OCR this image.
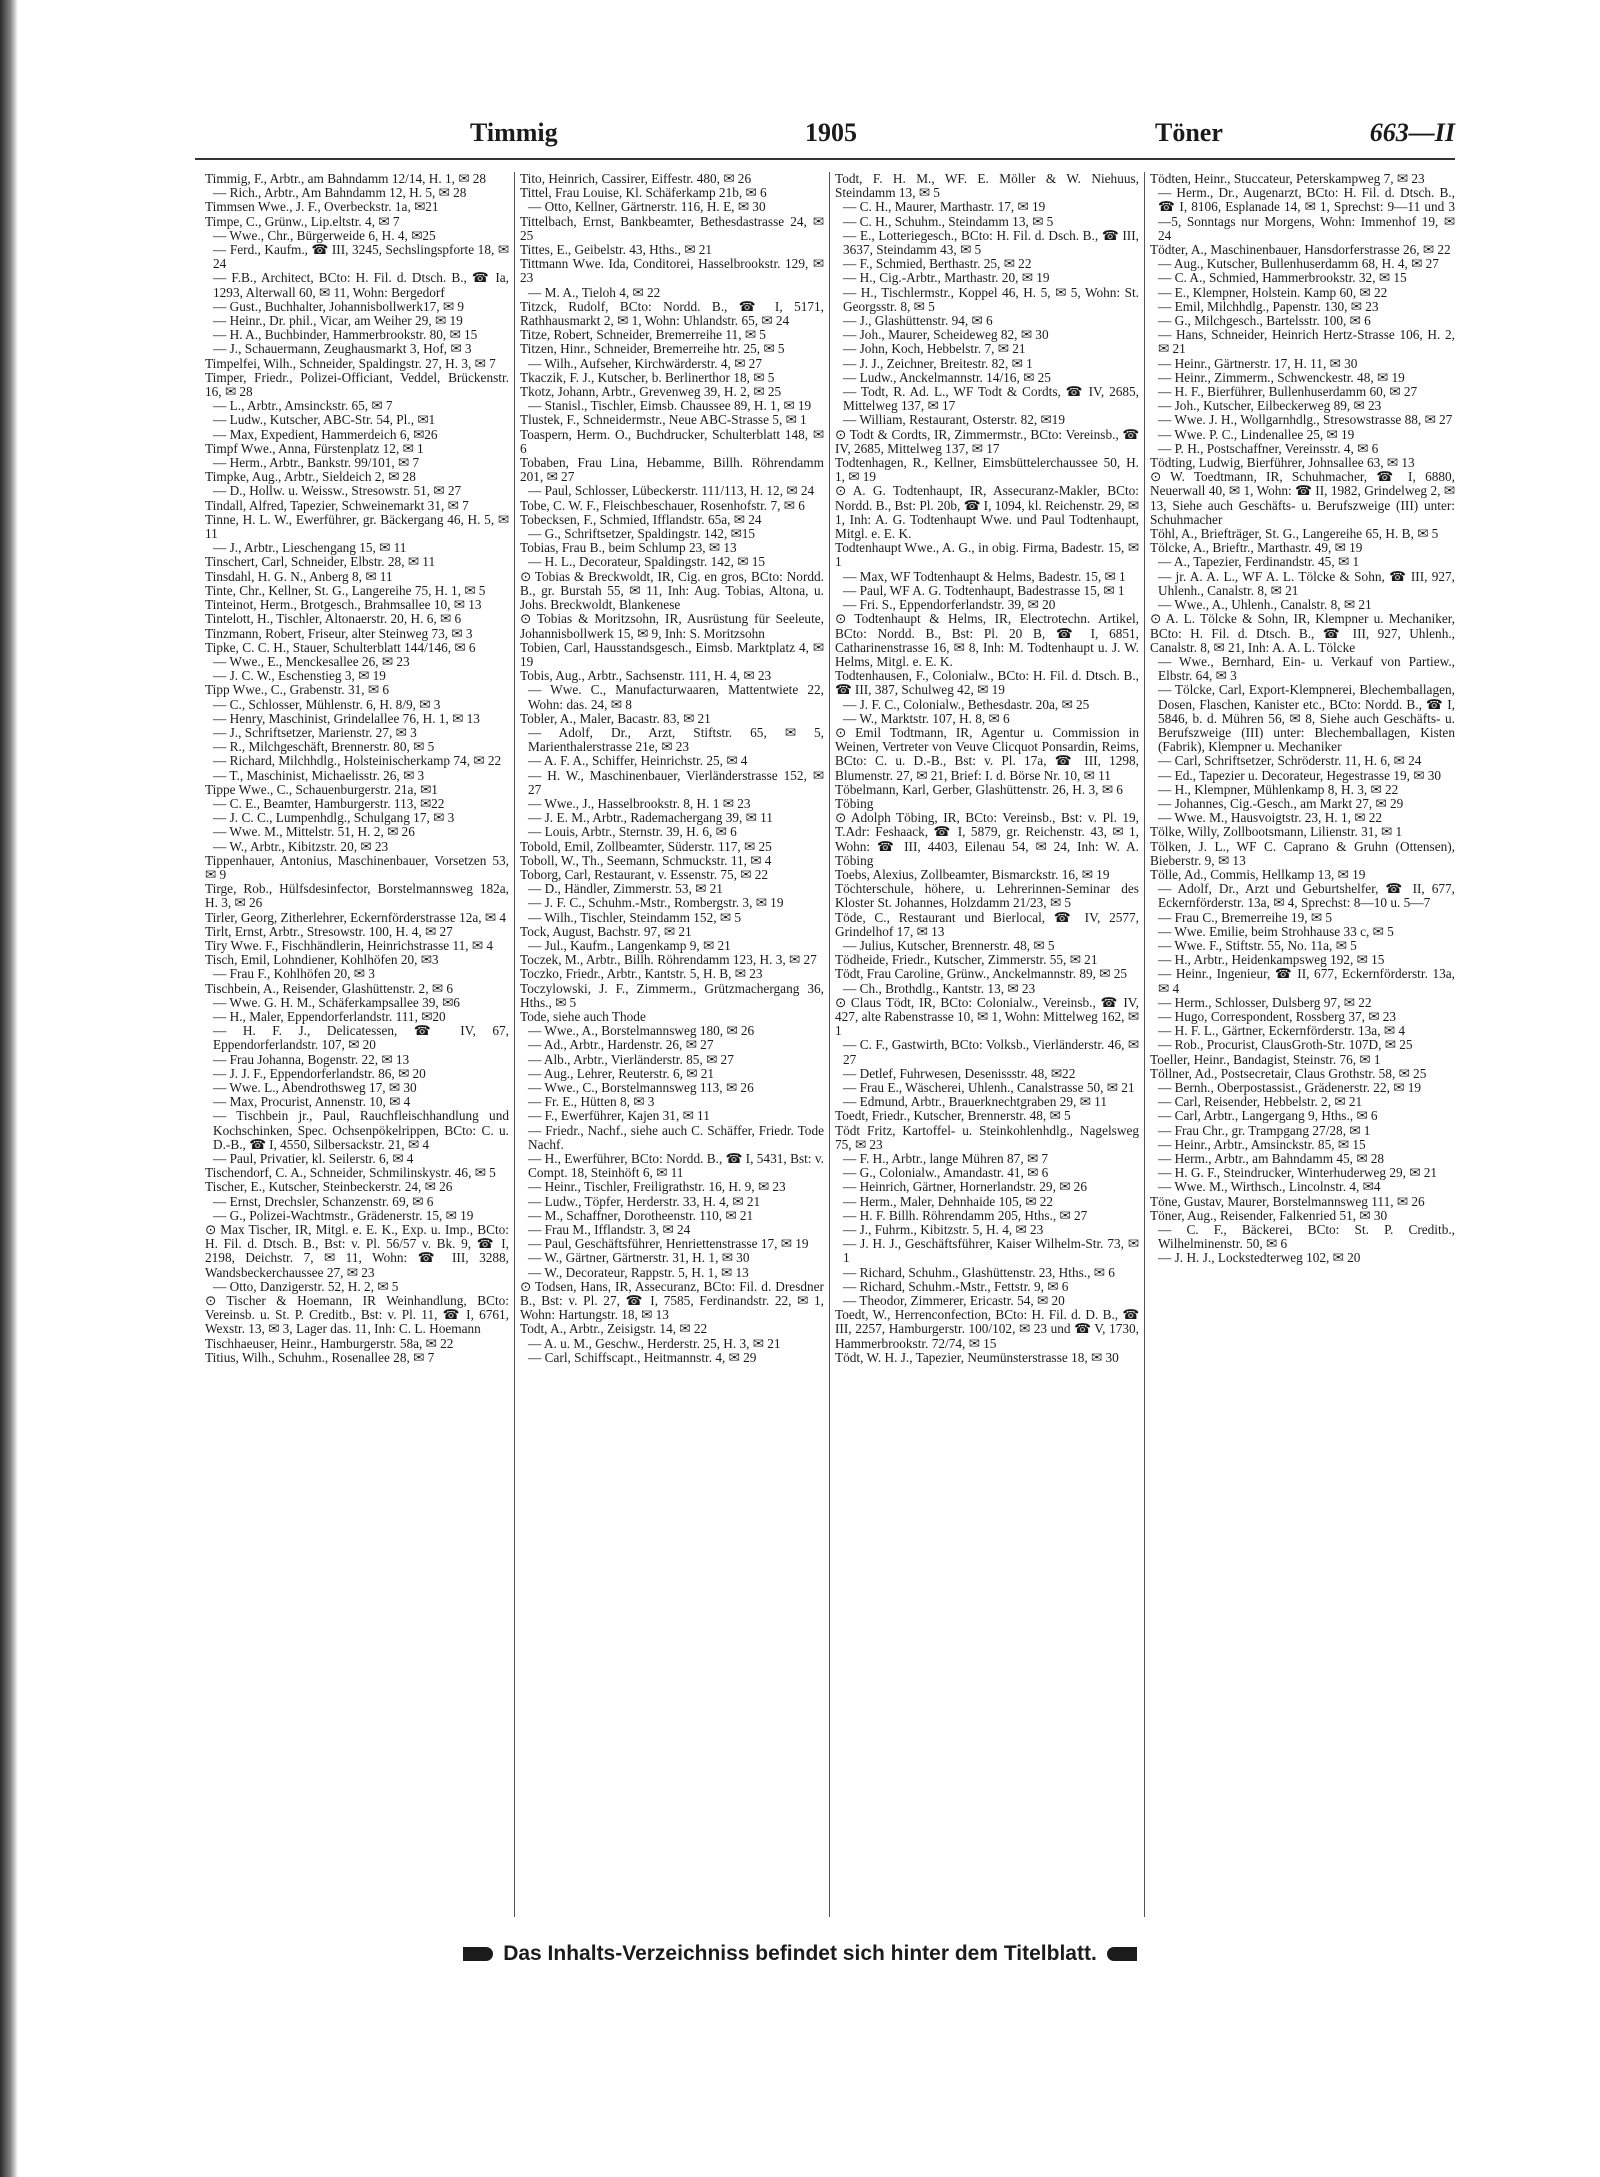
Timmig	1905	Töner	663—II

Timmig, F., Arbtr., am Bahndamm 12/14, H. 1, ✉ 28

— Rich., Arbtr., Am Bahndamm 12, H. 5, ✉ 28

Timmsen Wwe., J. F., Overbeckstr. 1a, ✉21

Timpe, C., Grünw., Lip.eltstr. 4, ✉ 7

— Wwe., Chr., Bürgerweide 6, H. 4, ✉25

— Ferd., Kaufm., ☎ III, 3245, Sechslingspforte 18, ✉ 24

— F.B., Architect, BCto: H. Fil. d. Dtsch. B., ☎ Ia, 1293, Alterwall 60, ✉ 11, Wohn: Bergedorf

— Gust., Buchhalter, Johannisbollwerk17, ✉ 9

— Heinr., Dr. phil., Vicar, am Weiher 29, ✉ 19

— H. A., Buchbinder, Hammerbrookstr. 80, ✉ 15

— J., Schauermann, Zeughausmarkt 3, Hof, ✉ 3

Timpelfei, Wilh., Schneider, Spaldingstr. 27, H. 3, ✉ 7

Timper, Friedr., Polizei-Officiant, Veddel, Brückenstr. 16, ✉ 28

— L., Arbtr., Amsinckstr. 65, ✉ 7

— Ludw., Kutscher, ABC-Str. 54, Pl., ✉1

— Max, Expedient, Hammerdeich 6, ✉26

Timpf Wwe., Anna, Fürstenplatz 12, ✉ 1

— Herm., Arbtr., Bankstr. 99/101, ✉ 7

Timpke, Aug., Arbtr., Sieldeich 2, ✉ 28

— D., Hollw. u. Weissw., Stresowstr. 51, ✉ 27

Tindall, Alfred, Tapezier, Schweinemarkt 31, ✉ 7

Tinne, H. L. W., Ewerführer, gr. Bäckergang 46, H. 5, ✉ 11

— J., Arbtr., Lieschengang 15, ✉ 11

Tinschert, Carl, Schneider, Elbstr. 28, ✉ 11

Tinsdahl, H. G. N., Anberg 8, ✉ 11

Tinte, Chr., Kellner, St. G., Langereihe 75, H. 1, ✉ 5

Tinteinot, Herm., Brotgesch., Brahmsallee 10, ✉ 13

Tintelott, H., Tischler, Altonaerstr. 20, H. 6, ✉ 6

Tinzmann, Robert, Friseur, alter Steinweg 73, ✉ 3

Tipke, C. C. H., Stauer, Schulterblatt 144/146, ✉ 6

— Wwe., E., Menckesallee 26, ✉ 23

— J. C. W., Eschenstieg 3, ✉ 19

Tipp Wwe., C., Grabenstr. 31, ✉ 6

— C., Schlosser, Mühlenstr. 6, H. 8/9, ✉ 3

— Henry, Maschinist, Grindelallee 76, H. 1, ✉ 13

— J., Schriftsetzer, Marienstr. 27, ✉ 3

— R., Milchgeschäft, Brennerstr. 80, ✉ 5

— Richard, Milchhdlg., Holsteinischerkamp 74, ✉ 22

— T., Maschinist, Michaelisstr. 26, ✉ 3

Tippe Wwe., C., Schauenburgerstr. 21a, ✉1

— C. E., Beamter, Hamburgerstr. 113, ✉22

— J. C. C., Lumpenhdlg., Schulgang 17, ✉ 3

— Wwe. M., Mittelstr. 51, H. 2, ✉ 26

— W., Arbtr., Kibitzstr. 20, ✉ 23

Tippenhauer, Antonius, Maschinenbauer, Vorsetzen 53, ✉ 9

Tirge, Rob., Hülfsdesinfector, Borstelmannsweg 182a, H. 3, ✉ 26

Tirler, Georg, Zitherlehrer, Eckernförderstrasse 12a, ✉ 4

Tirlt, Ernst, Arbtr., Stresowstr. 100, H. 4, ✉ 27

Tiry Wwe. F., Fischhändlerin, Heinrichstrasse 11, ✉ 4

Tisch, Emil, Lohndiener, Kohlhöfen 20, ✉3

— Frau F., Kohlhöfen 20, ✉ 3

Tischbein, A., Reisender, Glashüttenstr. 2, ✉ 6

— Wwe. G. H. M., Schäferkampsallee 39, ✉6

— H., Maler, Eppendorferlandstr. 111, ✉20

— H. F. J., Delicatessen, ☎ IV, 67, Eppendorferlandstr. 107, ✉ 20

— Frau Johanna, Bogenstr. 22, ✉ 13

— J. J. F., Eppendorferlandstr. 86, ✉ 20

— Wwe. L., Abendrothsweg 17, ✉ 30

— Max, Procurist, Annenstr. 10, ✉ 4

— Tischbein jr., Paul, Rauchfleischhandlung und Kochschinken, Spec. Ochsenpökelrippen, BCto: C. u. D.-B., ☎ I, 4550, Silbersackstr. 21, ✉ 4

— Paul, Privatier, kl. Seilerstr. 6, ✉ 4

Tischendorf, C. A., Schneider, Schmilinskystr. 46, ✉ 5

Tischer, E., Kutscher, Steinbeckerstr. 24, ✉ 26

— Ernst, Drechsler, Schanzenstr. 69, ✉ 6

— G., Polizei-Wachtmstr., Grädenerstr. 15, ✉ 19

⊙ Max Tischer, IR, Mitgl. e. E. K., Exp. u. Imp., BCto: H. Fil. d. Dtsch. B., Bst: v. Pl. 56/57 v. Bk. 9, ☎ I, 2198, Deichstr. 7, ✉ 11, Wohn: ☎ III, 3288, Wandsbeckerchaussee 27, ✉ 23

— Otto, Danzigerstr. 52, H. 2, ✉ 5

⊙ Tischer & Hoemann, IR Weinhandlung, BCto: Vereinsb. u. St. P. Creditb., Bst: v. Pl. 11, ☎ I, 6761, Wexstr. 13, ✉ 3, Lager das. 11, Inh: C. L. Hoemann

Tischhaeuser, Heinr., Hamburgerstr. 58a, ✉ 22

Titius, Wilh., Schuhm., Rosenallee 28, ✉ 7

Tito, Heinrich, Cassirer, Eiffestr. 480, ✉ 26

Tittel, Frau Louise, Kl. Schäferkamp 21b, ✉ 6

— Otto, Kellner, Gärtnerstr. 116, H. E, ✉ 30

Tittelbach, Ernst, Bankbeamter, Bethesdastrasse 24, ✉ 25

Tittes, E., Geibelstr. 43, Hths., ✉ 21

Tittmann Wwe. Ida, Conditorei, Hasselbrookstr. 129, ✉ 23

— M. A., Tieloh 4, ✉ 22

Titzck, Rudolf, BCto: Nordd. B., ☎ I, 5171, Rathhausmarkt 2, ✉ 1, Wohn: Uhlandstr. 65, ✉ 24

Titze, Robert, Schneider, Bremerreihe 11, ✉ 5

Titzen, Hinr., Schneider, Bremerreihe htr. 25, ✉ 5

— Wilh., Aufseher, Kirchwärderstr. 4, ✉ 27

Tkaczik, F. J., Kutscher, b. Berlinerthor 18, ✉ 5

Tkotz, Johann, Arbtr., Grevenweg 39, H. 2, ✉ 25

— Stanisl., Tischler, Eimsb. Chaussee 89, H. 1, ✉ 19

Tlustek, F., Schneidermstr., Neue ABC-Strasse 5, ✉ 1

Toaspern, Herm. O., Buchdrucker, Schulterblatt 148, ✉ 6

Tobaben, Frau Lina, Hebamme, Billh. Röhrendamm 201, ✉ 27

— Paul, Schlosser, Lübeckerstr. 111/113, H. 12, ✉ 24

Tobe, C. W. F., Fleischbeschauer, Rosenhofstr. 7, ✉ 6

Tobecksen, F., Schmied, Ifflandstr. 65a, ✉ 24

— G., Schriftsetzer, Spaldingstr. 142, ✉15

Tobias, Frau B., beim Schlump 23, ✉ 13

— H. L., Decorateur, Spaldingstr. 142, ✉ 15

⊙ Tobias & Breckwoldt, IR, Cig. en gros, BCto: Nordd. B., gr. Burstah 55, ✉ 11, Inh: Aug. Tobias, Altona, u. Johs. Breckwoldt, Blankenese

⊙ Tobias & Moritzsohn, IR, Ausrüstung für Seeleute, Johannisbollwerk 15, ✉ 9, Inh: S. Moritzsohn

Tobien, Carl, Hausstandsgesch., Eimsb. Marktplatz 4, ✉ 19

Tobis, Aug., Arbtr., Sachsenstr. 111, H. 4, ✉ 23

— Wwe. C., Manufacturwaaren, Mattentwiete 22, Wohn: das. 24, ✉ 8

Tobler, A., Maler, Bacastr. 83, ✉ 21

— Adolf, Dr., Arzt, Stiftstr. 65, ✉ 5, Marienthalerstrasse 21e, ✉ 23

— A. F. A., Schiffer, Heinrichstr. 25, ✉ 4

— H. W., Maschinenbauer, Vierländerstrasse 152, ✉ 27

— Wwe., J., Hasselbrookstr. 8, H. 1 ✉ 23

— J. E. M., Arbtr., Rademachergang 39, ✉ 11

— Louis, Arbtr., Sternstr. 39, H. 6, ✉ 6

Tobold, Emil, Zollbeamter, Süderstr. 117, ✉ 25

Toboll, W., Th., Seemann, Schmuckstr. 11, ✉ 4

Toborg, Carl, Restaurant, v. Essenstr. 75, ✉ 22

— D., Händler, Zimmerstr. 53, ✉ 21

— J. F. C., Schuhm.-Mstr., Rombergstr. 3, ✉ 19

— Wilh., Tischler, Steindamm 152, ✉ 5

Tock, August, Bachstr. 97, ✉ 21

— Jul., Kaufm., Langenkamp 9, ✉ 21

Toczek, M., Arbtr., Billh. Röhrendamm 123, H. 3, ✉ 27

Toczko, Friedr., Arbtr., Kantstr. 5, H. B, ✉ 23

Toczylowski, J. F., Zimmerm., Grützmachergang 36, Hths., ✉ 5

Tode, siehe auch Thode

— Wwe., A., Borstelmannsweg 180, ✉ 26

— Ad., Arbtr., Hardenstr. 26, ✉ 27

— Alb., Arbtr., Vierländerstr. 85, ✉ 27

— Aug., Lehrer, Reuterstr. 6, ✉ 21

— Wwe., C., Borstelmannsweg 113, ✉ 26

— Fr. E., Hütten 8, ✉ 3

— F., Ewerführer, Kajen 31, ✉ 11

— Friedr., Nachf., siehe auch C. Schäffer, Friedr. Tode Nachf.

— H., Ewerführer, BCto: Nordd. B., ☎ I, 5431, Bst: v. Compt. 18, Steinhöft 6, ✉ 11

— Heinr., Tischler, Freiligrathstr. 16, H. 9, ✉ 23

— Ludw., Töpfer, Herderstr. 33, H. 4, ✉ 21

— M., Schaffner, Dorotheenstr. 110, ✉ 21

— Frau M., Ifflandstr. 3, ✉ 24

— Paul, Geschäftsführer, Henriettenstrasse 17, ✉ 19

— W., Gärtner, Gärtnerstr. 31, H. 1, ✉ 30

— W., Decorateur, Rappstr. 5, H. 1, ✉ 13

⊙ Todsen, Hans, IR, Assecuranz, BCto: Fil. d. Dresdner B., Bst: v. Pl. 27, ☎ I, 7585, Ferdinandstr. 22, ✉ 1, Wohn: Hartungstr. 18, ✉ 13

Todt, A., Arbtr., Zeisigstr. 14, ✉ 22

— A. u. M., Geschw., Herderstr. 25, H. 3, ✉ 21

— Carl, Schiffscapt., Heitmannstr. 4, ✉ 29

Todt, F. H. M., WF. E. Möller & W. Niehuus, Steindamm 13, ✉ 5

— C. H., Maurer, Marthastr. 17, ✉ 19

— C. H., Schuhm., Steindamm 13, ✉ 5

— E., Lotteriegesch., BCto: H. Fil. d. Dsch. B., ☎ III, 3637, Steindamm 43, ✉ 5

— F., Schmied, Berthastr. 25, ✉ 22

— H., Cig.-Arbtr., Marthastr. 20, ✉ 19

— H., Tischlermstr., Koppel 46, H. 5, ✉ 5, Wohn: St. Georgsstr. 8, ✉ 5

— J., Glashüttenstr. 94, ✉ 6

— Joh., Maurer, Scheideweg 82, ✉ 30

— John, Koch, Hebbelstr. 7, ✉ 21

— J. J., Zeichner, Breitestr. 82, ✉ 1

— Ludw., Anckelmannstr. 14/16, ✉ 25

— Todt, R. Ad. L., WF Todt & Cordts, ☎ IV, 2685, Mittelweg 137, ✉ 17

— William, Restaurant, Osterstr. 82, ✉19

⊙ Todt & Cordts, IR, Zimmermstr., BCto: Vereinsb., ☎ IV, 2685, Mittelweg 137, ✉ 17

Todtenhagen, R., Kellner, Eimsbüttelerchaussee 50, H. 1, ✉ 19

⊙ A. G. Todtenhaupt, IR, Assecuranz-Makler, BCto: Nordd. B., Bst: Pl. 20b, ☎ I, 1094, kl. Reichenstr. 29, ✉ 1, Inh: A. G. Todtenhaupt Wwe. und Paul Todtenhaupt, Mitgl. e. E. K.

Todtenhaupt Wwe., A. G., in obig. Firma, Badestr. 15, ✉ 1

— Max, WF Todtenhaupt & Helms, Badestr. 15, ✉ 1

— Paul, WF A. G. Todtenhaupt, Badestrasse 15, ✉ 1

— Fri. S., Eppendorferlandstr. 39, ✉ 20

⊙ Todtenhaupt & Helms, IR, Electrotechn. Artikel, BCto: Nordd. B., Bst: Pl. 20 B, ☎ I, 6851, Catharinenstrasse 16, ✉ 8, Inh: M. Todtenhaupt u. J. W. Helms, Mitgl. e. E. K.

Todtenhausen, F., Colonialw., BCto: H. Fil. d. Dtsch. B., ☎ III, 387, Schulweg 42, ✉ 19

— J. F. C., Colonialw., Bethesdastr. 20a, ✉ 25

— W., Marktstr. 107, H. 8, ✉ 6

⊙ Emil Todtmann, IR, Agentur u. Commission in Weinen, Vertreter von Veuve Clicquot Ponsardin, Reims, BCto: C. u. D.-B., Bst: v. Pl. 17a, ☎ III, 1298, Blumenstr. 27, ✉ 21, Brief: I. d. Börse Nr. 10, ✉ 11

Töbelmann, Karl, Gerber, Glashüttenstr. 26, H. 3, ✉ 6

Töbing

⊙ Adolph Töbing, IR, BCto: Vereinsb., Bst: v. Pl. 19, T.Adr: Feshaack, ☎ I, 5879, gr. Reichenstr. 43, ✉ 1, Wohn: ☎ III, 4403, Eilenau 54, ✉ 24, Inh: W. A. Töbing

Toebs, Alexius, Zollbeamter, Bismarckstr. 16, ✉ 19

Töchterschule, höhere, u. Lehrerinnen-Seminar des Kloster St. Johannes, Holzdamm 21/23, ✉ 5

Töde, C., Restaurant und Bierlocal, ☎ IV, 2577, Grindelhof 17, ✉ 13

— Julius, Kutscher, Brennerstr. 48, ✉ 5

Tödheide, Friedr., Kutscher, Zimmerstr. 55, ✉ 21

Tödt, Frau Caroline, Grünw., Anckelmannstr. 89, ✉ 25

— Ch., Brothdlg., Kantstr. 13, ✉ 23

⊙ Claus Tödt, IR, BCto: Colonialw., Vereinsb., ☎ IV, 427, alte Rabenstrasse 10, ✉ 1, Wohn: Mittelweg 162, ✉ 1

— C. F., Gastwirth, BCto: Volksb., Vierländerstr. 46, ✉ 27

— Detlef, Fuhrwesen, Desenissstr. 48, ✉22

— Frau E., Wäscherei, Uhlenh., Canalstrasse 50, ✉ 21

— Edmund, Arbtr., Brauerknechtgraben 29, ✉ 11

Toedt, Friedr., Kutscher, Brennerstr. 48, ✉ 5

Tödt Fritz, Kartoffel- u. Steinkohlenhdlg., Nagelsweg 75, ✉ 23

— F. H., Arbtr., lange Mühren 87, ✉ 7

— G., Colonialw., Amandastr. 41, ✉ 6

— Heinrich, Gärtner, Hornerlandstr. 29, ✉ 26

— Herm., Maler, Dehnhaide 105, ✉ 22

— H. F. Billh. Röhrendamm 205, Hths., ✉ 27

— J., Fuhrm., Kibitzstr. 5, H. 4, ✉ 23

— J. H. J., Geschäftsführer, Kaiser Wilhelm-Str. 73, ✉ 1

— Richard, Schuhm., Glashüttenstr. 23, Hths., ✉ 6

— Richard, Schuhm.-Mstr., Fettstr. 9, ✉ 6

— Theodor, Zimmerer, Ericastr. 54, ✉ 20

Toedt, W., Herrenconfection, BCto: H. Fil. d. D. B., ☎ III, 2257, Hamburgerstr. 100/102, ✉ 23 und ☎ V, 1730, Hammerbrookstr. 72/74, ✉ 15

Tödt, W. H. J., Tapezier, Neumünsterstrasse 18, ✉ 30

Tödten, Heinr., Stuccateur, Peterskampweg 7, ✉ 23

— Herm., Dr., Augenarzt, BCto: H. Fil. d. Dtsch. B., ☎ I, 8106, Esplanade 14, ✉ 1, Sprechst: 9—11 und 3—5, Sonntags nur Morgens, Wohn: Immenhof 19, ✉ 24

Tödter, A., Maschinenbauer, Hansdorferstrasse 26, ✉ 22

— Aug., Kutscher, Bullenhuserdamm 68, H. 4, ✉ 27

— C. A., Schmied, Hammerbrookstr. 32, ✉ 15

— E., Klempner, Holstein. Kamp 60, ✉ 22

— Emil, Milchhdlg., Papenstr. 130, ✉ 23

— G., Milchgesch., Bartelsstr. 100, ✉ 6

— Hans, Schneider, Heinrich Hertz-Strasse 106, H. 2, ✉ 21

— Heinr., Gärtnerstr. 17, H. 11, ✉ 30

— Heinr., Zimmerm., Schwenckestr. 48, ✉ 19

— H. F., Bierführer, Bullenhuserdamm 60, ✉ 27

— Joh., Kutscher, Eilbeckerweg 89, ✉ 23

— Wwe. J. H., Wollgarnhdlg., Stresowstrasse 88, ✉ 27

— Wwe. P. C., Lindenallee 25, ✉ 19

— P. H., Postschaffner, Vereinsstr. 4, ✉ 6

Tödting, Ludwig, Bierführer, Johnsallee 63, ✉ 13

⊙ W. Toedtmann, IR, Schuhmacher, ☎ I, 6880, Neuerwall 40, ✉ 1, Wohn: ☎ II, 1982, Grindelweg 2, ✉ 13, Siehe auch Geschäfts- u. Berufszweige (III) unter: Schuhmacher

Töhl, A., Briefträger, St. G., Langereihe 65, H. B, ✉ 5

Tölcke, A., Brieftr., Marthastr. 49, ✉ 19

— A., Tapezier, Ferdinandstr. 45, ✉ 1

— jr. A. A. L., WF A. L. Tölcke & Sohn, ☎ III, 927, Uhlenh., Canalstr. 8, ✉ 21

— Wwe., A., Uhlenh., Canalstr. 8, ✉ 21

⊙ A. L. Tölcke & Sohn, IR, Klempner u. Mechaniker, BCto: H. Fil. d. Dtsch. B., ☎ III, 927, Uhlenh., Canalstr. 8, ✉ 21, Inh: A. A. L. Tölcke

— Wwe., Bernhard, Ein- u. Verkauf von Partiew., Elbstr. 64, ✉ 3

— Tölcke, Carl, Export-Klempnerei, Blechemballagen, Dosen, Flaschen, Kanister etc., BCto: Nordd. B., ☎ I, 5846, b. d. Mühren 56, ✉ 8, Siehe auch Geschäfts- u. Berufszweige (III) unter: Blechemballagen, Kisten (Fabrik), Klempner u. Mechaniker

— Carl, Schriftsetzer, Schröderstr. 11, H. 6, ✉ 24

— Ed., Tapezier u. Decorateur, Hegestrasse 19, ✉ 30

— H., Klempner, Mühlenkamp 8, H. 3, ✉ 22

— Johannes, Cig.-Gesch., am Markt 27, ✉ 29

— Wwe. M., Hausvoigtstr. 23, H. 1, ✉ 22

Tölke, Willy, Zollbootsmann, Lilienstr. 31, ✉ 1

Tölken, J. L., WF C. Caprano & Gruhn (Ottensen), Bieberstr. 9, ✉ 13

Tölle, Ad., Commis, Hellkamp 13, ✉ 19

— Adolf, Dr., Arzt und Geburtshelfer, ☎ II, 677, Eckernförderstr. 13a, ✉ 4, Sprechst: 8—10 u. 5—7

— Frau C., Bremerreihe 19, ✉ 5

— Wwe. Emilie, beim Strohhause 33 c, ✉ 5

— Wwe. F., Stiftstr. 55, No. 11a, ✉ 5

— H., Arbtr., Heidenkampsweg 192, ✉ 15

— Heinr., Ingenieur, ☎ II, 677, Eckernförderstr. 13a, ✉ 4

— Herm., Schlosser, Dulsberg 97, ✉ 22

— Hugo, Correspondent, Rossberg 37, ✉ 23

— H. F. L., Gärtner, Eckernförderstr. 13a, ✉ 4

— Rob., Procurist, ClausGroth-Str. 107D, ✉ 25

Toeller, Heinr., Bandagist, Steinstr. 76, ✉ 1

Töllner, Ad., Postsecretair, Claus Grothstr. 58, ✉ 25

— Bernh., Oberpostassist., Grädenerstr. 22, ✉ 19

— Carl, Reisender, Hebbelstr. 2, ✉ 21

— Carl, Arbtr., Langergang 9, Hths., ✉ 6

— Frau Chr., gr. Trampgang 27/28, ✉ 1

— Heinr., Arbtr., Amsinckstr. 85, ✉ 15

— Herm., Arbtr., am Bahndamm 45, ✉ 28

— H. G. F., Steindrucker, Winterhuderweg 29, ✉ 21

— Wwe. M., Wirthsch., Lincolnstr. 4, ✉4

Töne, Gustav, Maurer, Borstelmannsweg 111, ✉ 26

Töner, Aug., Reisender, Falkenried 51, ✉ 30

— C. F., Bäckerei, BCto: St. P. Creditb., Wilhelminenstr. 50, ✉ 6

— J. H. J., Lockstedterweg 102, ✉ 20

Das Inhalts-Verzeichniss befindet sich hinter dem Titelblatt.
